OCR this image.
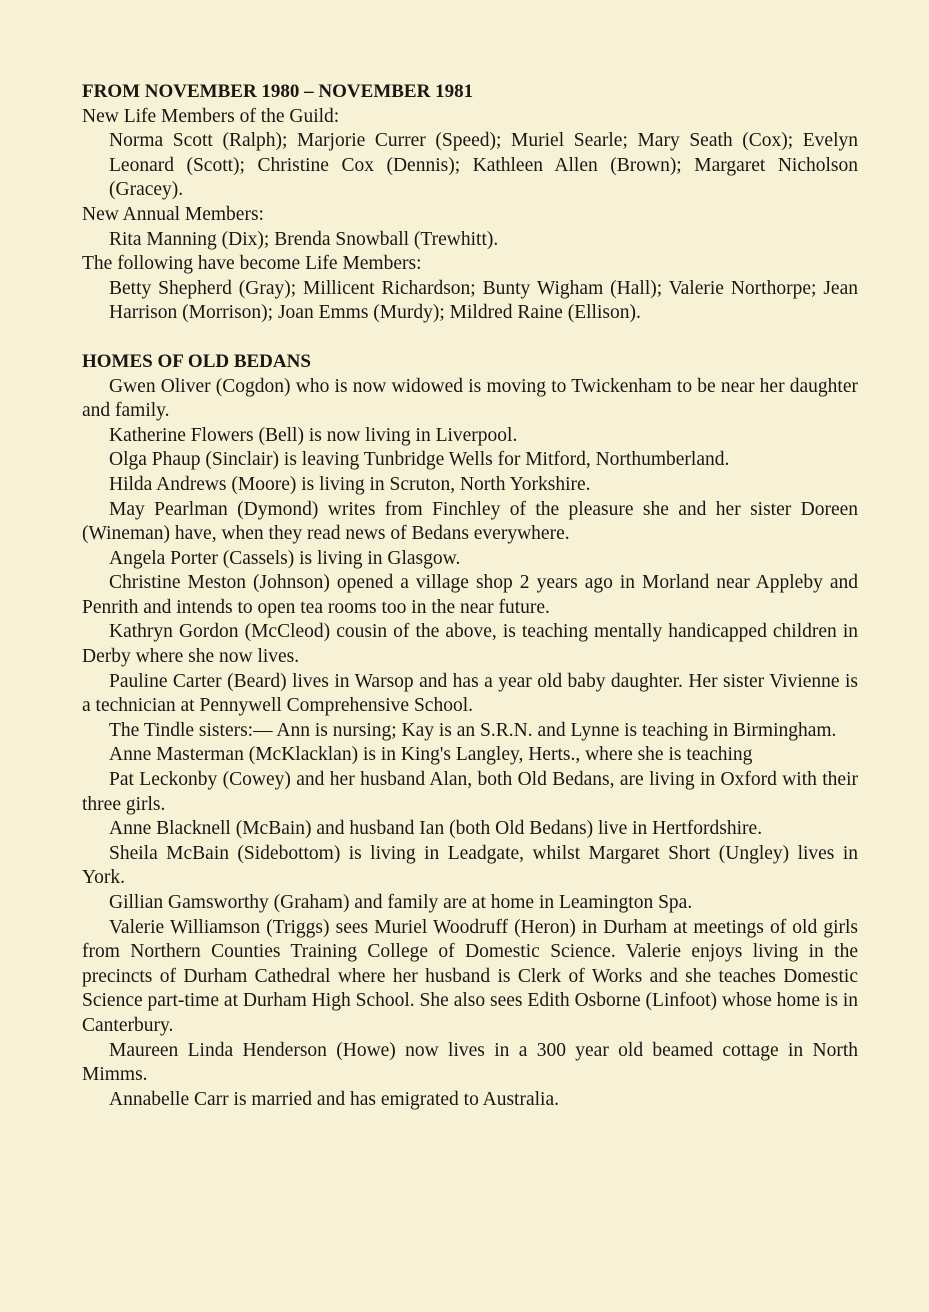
FROM NOVEMBER 1980 – NOVEMBER 1981

New Life Members of the Guild:

Norma Scott (Ralph); Marjorie Currer (Speed); Muriel Searle; Mary Seath (Cox); Evelyn Leonard (Scott); Christine Cox (Dennis); Kathleen Allen (Brown); Margaret Nicholson (Gracey).

New Annual Members:

Rita Manning (Dix); Brenda Snowball (Trewhitt).

The following have become Life Members:

Betty Shepherd (Gray); Millicent Richardson; Bunty Wigham (Hall); Valerie Northorpe; Jean Harrison (Morrison); Joan Emms (Murdy); Mildred Raine (Ellison).

HOMES OF OLD BEDANS

Gwen Oliver (Cogdon) who is now widowed is moving to Twickenham to be near her daughter and family.

Katherine Flowers (Bell) is now living in Liverpool.

Olga Phaup (Sinclair) is leaving Tunbridge Wells for Mitford, Northumberland.

Hilda Andrews (Moore) is living in Scruton, North Yorkshire.

May Pearlman (Dymond) writes from Finchley of the pleasure she and her sister Doreen (Wineman) have, when they read news of Bedans everywhere.

Angela Porter (Cassels) is living in Glasgow.

Christine Meston (Johnson) opened a village shop 2 years ago in Morland near Appleby and Penrith and intends to open tea rooms too in the near future.

Kathryn Gordon (McCleod) cousin of the above, is teaching mentally handicapped children in Derby where she now lives.

Pauline Carter (Beard) lives in Warsop and has a year old baby daughter. Her sister Vivienne is a technician at Pennywell Comprehensive School.

The Tindle sisters:— Ann is nursing; Kay is an S.R.N. and Lynne is teaching in Birmingham.

Anne Masterman (McKlacklan) is in King's Langley, Herts., where she is teaching

Pat Leckonby (Cowey) and her husband Alan, both Old Bedans, are living in Oxford with their three girls.

Anne Blacknell (McBain) and husband Ian (both Old Bedans) live in Hertfordshire.

Sheila McBain (Sidebottom) is living in Leadgate, whilst Margaret Short (Ungley) lives in York.

Gillian Gamsworthy (Graham) and family are at home in Leamington Spa.

Valerie Williamson (Triggs) sees Muriel Woodruff (Heron) in Durham at meetings of old girls from Northern Counties Training College of Domestic Science. Valerie enjoys living in the precincts of Durham Cathedral where her husband is Clerk of Works and she teaches Domestic Science part-time at Durham High School. She also sees Edith Osborne (Linfoot) whose home is in Canterbury.

Maureen Linda Henderson (Howe) now lives in a 300 year old beamed cottage in North Mimms.

Annabelle Carr is married and has emigrated to Australia.
